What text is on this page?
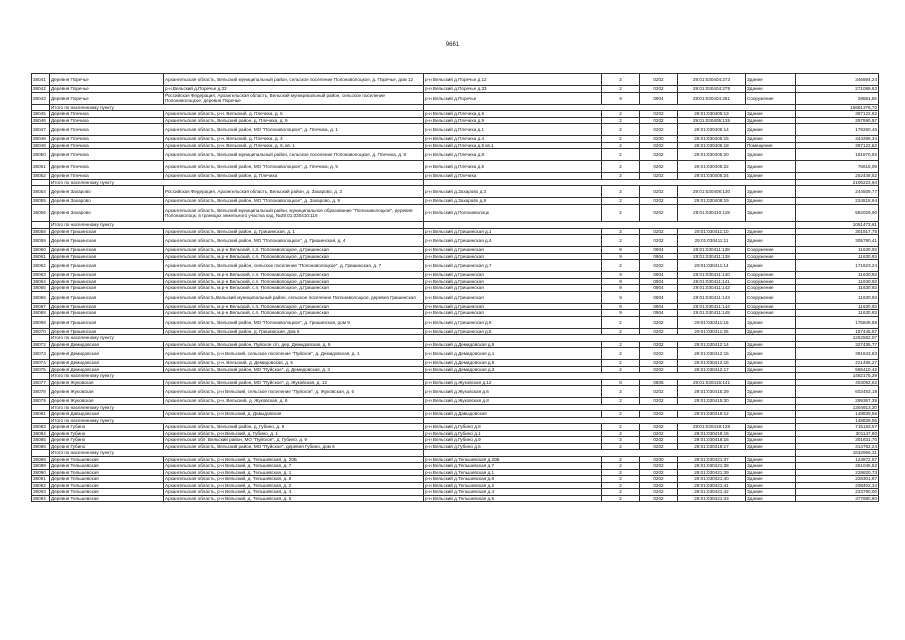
9661
38041	Деревня Поречье	Архангельская область, Вельский муниципальный район, сельское поселение Попонаволоцкое, д. Поречье, дом 12	р-н Вельский д.Поречье д.12	2	0202	29:01:030404:273	Здание	346894,24
38042	Деревня Поречье	р-н.Вельский д.Поречье д.33	р-н Вельский д.Поречье д.33	2	0202	29:01:030404:279	Здание	271088,83
38043	Деревня Поречье	Российская Федерация, Архангельская область, Вельский муниципальный район, сельское поселение Попонаволоцкое, деревня Поречье	р-н Вельский д.Поречье	9	0904	29:01:030404:261	Сооружение	28881,56
	Итого по населенному пункту							15891376,70
38045	Деревня Плечиха	Архангельская область, р-н. Вельский, д. Плечиха, д. 6	р-н Вельский д.Плечиха д.6	2	0202	29:01:030405:13	Здание	387122,82
38046	Деревня Плечиха	Архангельская область, Вельский район, д. Плечиха, д. 9	р-н Вельский д.Плечиха д.9	2	0202	29:01:030405:135	Здание	297590,97
38047	Деревня Плечиха	Архангельская область, Вельский район, МО "Попонаволоцкое", д. Плечиха, д. 1	р-н Вельский д.Плечиха д.1	2	0202	29:01:030405:14	Здание	179260,46
38048	Деревня Плечиха	Архангельская область, р-н. Вельский, д. Плечиха, д. 4	р-н Вельский д.Плечиха д.4	2	0200	29:01:030405:15	Здание	344289,34
38049	Деревня Плечиха	Архангельская область, р-н. Вельский, д. Плечиха, д. 6, кв. 1	р-н Вельский д.Плечиха д.6 кв.1	2	0202	29:01:030405:18	Помещение	387122,82
38050	Деревня Плечиха	Архангельская область, Вельский муниципальный район, сельское поселение Попонаволоцкое, д. Плечиха, д. 8	р-н Вельский д.Плечиха д.8	2	0202	29:01:030405:20	Здание	181870,92
38051	Деревня Плечиха	Архангельская область, Вельский район, МО "Попонаволоцкое", д. Плечиха, д. 5	р-н Вельский д.Плечиха д.5	2	0202	29:01:030405:22	Здание	76616,09
38052	Деревня Плечиха	Архангельская область, Вельский район, д. Плечиха	р-н Вельский д.Плечиха	2	0202	29:01:030405:24	Здание	252448,52
	Итого по населенному пункту							2106223,94
38054	Деревня Захарово	Российская Федерация, Архангельская область, Вельский район, д. Захарово, д. 3	р-н Вельский д.Захарово д.3	2	0202	29:01:030408:130	Здание	244509,77
38055	Деревня Захарово	Архангельская область, Вельский район, МО "Попонаволоцкое", д. Захарово, д. 9	р-н Вельский д.Захарово д.9	2	0202	29:01:030408:19	Здание	224518,94
38056	Деревня Захарово	Архангельская область, Вельский муниципальный район, муниципальное образование "Попонаволоцкое", деревня Попонаволоцк, в границах земельного участка кад. №29:01:030410:119	р-н Вельский д.Попонаволоцк	2	0202	29:01:030410:119	Здание	582029,90
	Итого по населенному пункту							1051473,61
38058	Деревня Гришинская	Архангельская область, Вельский район, д. Гришинская, д. 1	р-н Вельский д.Гришинская д.1	2	0202	29:01:030411:10	Здание	301917,75
38059	Деревня Гришинская	Архангельская область, Вельский район, МО "Попонаволоцкое", д. Гришинская, д. 4	р-н Вельский д.Гришинская д.4	2	0202	29:01:030411:11	Здание	305790,41
38060	Деревня Гришинская	Архангельская область, м.р-н Вельский, с.п. Попонаволоцкое, д.Гришинская	р-н Вельский д.Гришинская	9	0904	29:01:030411:138	Сооружение	11630,93
38061	Деревня Гришинская	Архангельская область, м.р-н Вельский, с.п. Попонаволоцкое, д.Гришинская	р-н Вельский д.Гришинская	9	0904	29:01:030411:139	Сооружение	11630,93
38062	Деревня Гришинская	Архангельская область, Вельский район, сельское поселение "Попонаволоцкое", д. Гришинская, д. 7	р-н Вельский д.Гришинская д.7	2	0202	29:01:030411:14	Здание	171623,24
38063	Деревня Гришинская	Архангельская область, м.р-н Вельский, с.п. Попонаволоцкое, д.Гришинская	р-н Вельский д.Гришинская	9	0904	29:01:030411:140	Сооружение	11630,93
38064	Деревня Гришинская	Архангельская область, м.р-н Вельский, с.п. Попонаволоцкое, д.Гришинская	р-н Вельский д.Гришинская	9	0904	29:01:030411:141	Сооружение	11630,93
38065	Деревня Гришинская	Архангельская область, м.р-н Вельский, с.п. Попонаволоцкое, д.Гришинская	р-н Вельский д.Гришинская	9	0904	29:01:030411:142	Сооружение	11630,93
38066	Деревня Гришинская	Архангельская область,Вельский муниципальный район, сельское поселение Попонаволоцкое, деревня Гришинская	р-н Вельский д.Гришинская	9	0904	29:01:030411:143	Сооружение	11630,93
38067	Деревня Гришинская	Архангельская область, м.р-н Вельский, с.п. Попонаволоцкое, д.Гришинская	р-н Вельский д.Гришинская	9	0904	29:01:030411:144	Сооружение	11630,93
38068	Деревня Гришинская	Архангельская область, м.р-н Вельский, с.п. Попонаволоцкое, д.Гришинская	р-н Вельский д.Гришинская	9	0904	29:01:030411:145	Сооружение	11630,93
38069	Деревня Гришинская	Архангельская область, Вельский район, МО "Попонаволоцкое", д. Гришинская, дом 9	р-н Вельский д.Гришинская д.9	2	0202	29:01:030411:16	Здание	176849,58
38070	Деревня Гришинская	Архангельская область, Вельский район, д. Гришинская, дом 5	р-н Вельский д.Гришинская д.5	2	0202	29:01:030411:25	Здание	157445,57
	Итого по населенному пункту							1262582,07
38072	Деревня Демидовская	Архангельская область, Вельский район, Пуйское с/п, дер. Демидовская, д. 9	р-н Вельский д.Демидовская д.9	2	0202	29:01:030412:14	Здание	327435,77
38073	Деревня Демидовская	Архангельская область, р-н Вельский, сельское поселение "Пуйское", д. Демидовская, д. 1	р-н Вельский д.Демидовская д.1	2	0202	29:01:030412:15	Здание	391843,83
38074	Деревня Демидовская	Архангельская область, р-н. Вельский, д. Демидовская, д. 5	р-н Вельский д.Демидовская д.5	2	0202	29:01:030412:16	Здание	221485,27
38075	Деревня Демидовская	Архангельская область, Вельский район, МО "Пуйское", д. Демидовская, д. 3	р-н Вельский д.Демидовская д.3	2	0202	29:01:030412:17	Здание	565410,42
	Итого по населенному пункту							1482175,29
38077	Деревня Жуковская	Архангельская область, Вельский район, МО "Пуйское", д. Жуковская, д. 12	р-н Вельский д.Жуковская д.12	8	0805	29:01:030415:141	Здание	403092,62
38078	Деревня Жуковская	Архангельская область, р-н Вельский, сельское поселение "Пуйское", д. Жуковская, д. 6	р-н Вельский д.Жуковская д.6	2	0202	29:01:030415:29	Здание	602483,19
38079	Деревня Жуковская	Архангельская область, р-н. Вельский, д. Жуковская, д. 8	р-н Вельский д.Жуковская д.8	2	0202	29:01:030415:30	Здание	299367,39
	Итого по населенному пункту							1304913,20
38081	Деревня Давыдовская	Архангельская область, р-н Вельский, д. Давыдовская	р-н Вельский д.Давыдовская	2	0202	29:01:030418:12	Здание	148839,56
	Итого по населенному пункту							148839,56
38083	Деревня Губино	Архангельская область, Вельский район, д. Губино, д. 8	р-н Вельский д.Губино д.8	2	0202	29:01:030418:128	Здание	715183,57
38084	Деревня Губино	Архангельская область, р-н Вельский, д. Губино, д. 1	р-н Вельский д.Губино д.1	2	0202	29:01:030418:15	Здание	301147,80
38085	Деревня Губино	Архангельская обл. Вельский район, МО "Пуйское", д. Губино, д. 9	р-н Вельский д.Губино д.9	2	0202	29:01:030418:16	Здание	301831,70
38086	Деревня Губино	Архангельская область, Вельский район, МО "Пуйское", деревня Губино, дом 6	р-н Вельский д.Губино д.6	2	0202	29:01:030418:17	Здание	314762,24
	Итого по населенному пункту							1632955,31
38088	Деревня Тельшевская	Архангельская область, р-н Вельский, д. Тельшевская, д. 20Б	р-н Вельский д.Тельшевская д.20Б	2	0200	29:01:030421:37	Здание	124572,57
38089	Деревня Тельшевская	Архангельская область, р-н Вельский, д. Тельшевская, д. 7	р-н Вельский д.Тельшевская д.7	2	0202	29:01:030421:38	Здание	251045,52
38090	Деревня Тельшевская	Архангельская область, р-н Вельский, д. Тельшевская, д. 1	р-н Вельский д.Тельшевская д.1	2	0202	29:01:030421:39	Здание	228820,73
38091	Деревня Тельшевская	Архангельская область, р-н Вельский, д. Тельшевская, д. 8	р-н Вельский д.Тельшевская д.8	2	0202	29:01:030421:40	Здание	228301,67
38092	Деревня Тельшевская	Архангельская область, р-н Вельский, д. Тельшевская, д. 2	р-н Вельский д.Тельшевская д.2	2	0202	29:01:030421:41	Здание	208402,34
38093	Деревня Тельшевская	Архангельская область, р-н Вельский, д. Тельшевская, д. 4	р-н Вельский д.Тельшевская д.4	2	0202	29:01:030421:42	Здание	233790,00
38094	Деревня Тельшевская	Архангельская область, р-н Вельский, д. Тельшевская, д. 5	р-н Вельский д.Тельшевская д.5	2	0202	29:01:030421:43	Здание	377680,80
